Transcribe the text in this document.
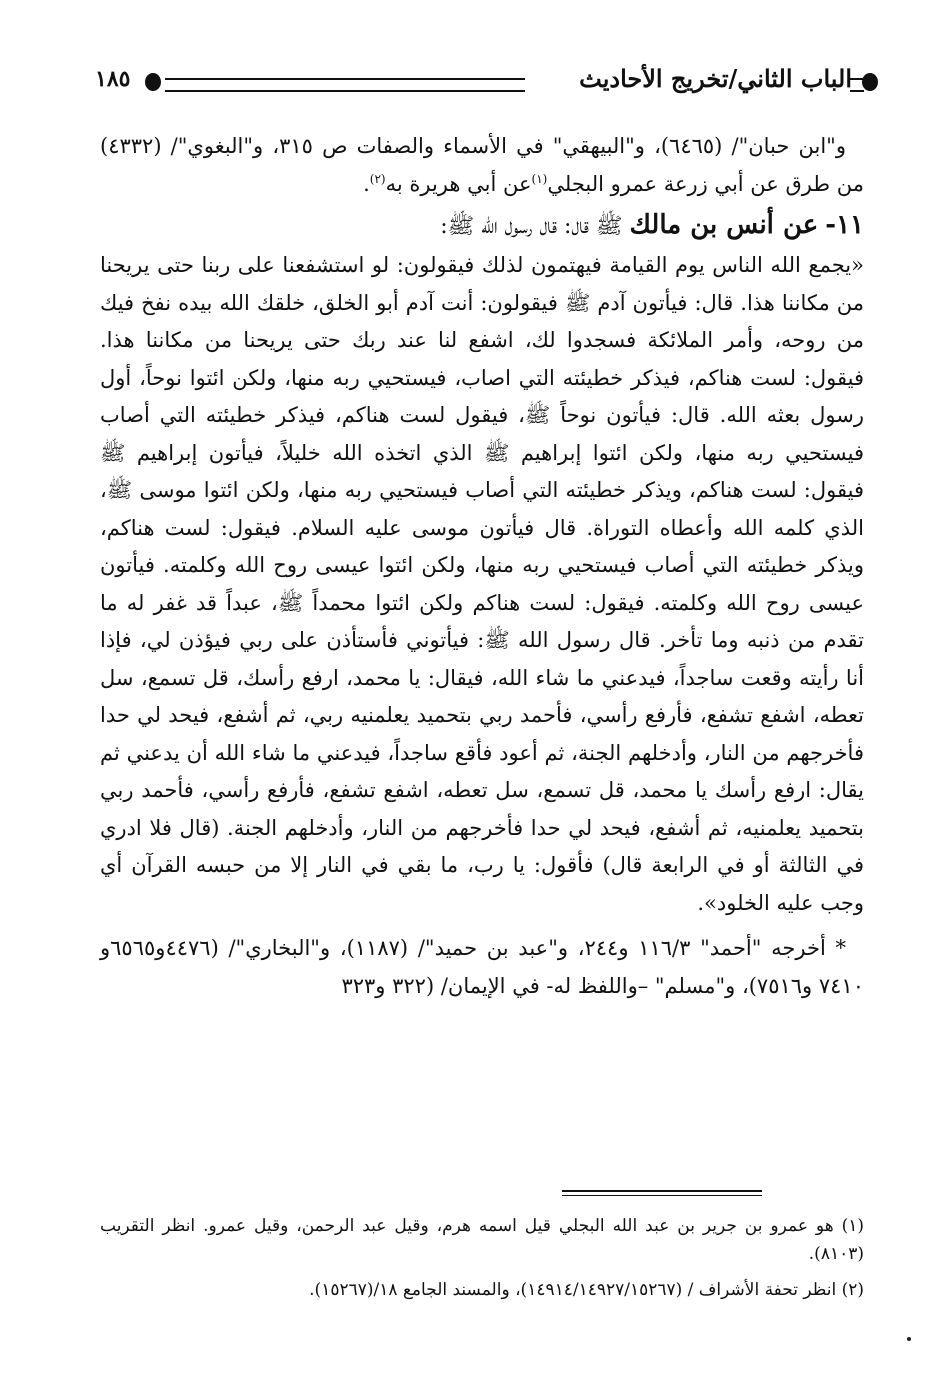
الباب الثاني/تخريج الأحاديث
١٨٥

و"ابن حبان"/ (٦٤٦٥)، و"البيهقي" في الأسماء والصفات ص ٣١٥، و"البغوي"/ (٤٣٣٢) من طرق عن أبي زرعة عمرو البجلي$^{(١)}$عن أبي هريرة به$^{(٢)}$.

١١- عن أنس بن مالك ﷺ قال: قال رسول الله ﷺ:

«يجمع الله الناس يوم القيامة فيهتمون لذلك فيقولون: لو استشفعنا على ربنا حتى يريحنا من مكاننا هذا. قال: فيأتون آدم ﷺ فيقولون: أنت آدم أبو الخلق، خلقك الله بيده نفخ فيك من روحه، وأمر الملائكة فسجدوا لك، اشفع لنا عند ربك حتى يريحنا من مكاننا هذا. فيقول: لست هناكم، فيذكر خطيئته التي اصاب، فيستحيي ربه منها، ولكن ائتوا نوحاً، أول رسول بعثه الله. قال: فيأتون نوحاً ﷺ، فيقول لست هناكم، فيذكر خطيئته التي أصاب فيستحيي ربه منها، ولكن ائتوا إبراهيم ﷺ الذي اتخذه الله خليلاً، فيأتون إبراهيم ﷺ فيقول: لست هناكم، ويذكر خطيئته التي أصاب فيستحيي ربه منها، ولكن ائتوا موسى ﷺ، الذي كلمه الله وأعطاه التوراة. قال فيأتون موسى عليه السلام. فيقول: لست هناكم، ويذكر خطيئته التي أصاب فيستحيي ربه منها، ولكن ائتوا عيسى روح الله وكلمته. فيأتون عيسى روح الله وكلمته. فيقول: لست هناكم ولكن ائتوا محمداً ﷺ، عبداً قد غفر له ما تقدم من ذنبه وما تأخر. قال رسول الله ﷺ: فيأتوني فأستأذن على ربي فيؤذن لي، فإذا أنا رأيته وقعت ساجداً، فيدعني ما شاء الله، فيقال: يا محمد، ارفع رأسك، قل تسمع، سل تعطه، اشفع تشفع، فأرفع رأسي، فأحمد ربي بتحميد يعلمنيه ربي، ثم أشفع، فيحد لي حدا فأخرجهم من النار، وأدخلهم الجنة، ثم أعود فأقع ساجداً، فيدعني ما شاء الله أن يدعني ثم يقال: ارفع رأسك يا محمد، قل تسمع، سل تعطه، اشفع تشفع، فأرفع رأسي، فأحمد ربي بتحميد يعلمنيه، ثم أشفع، فيحد لي حدا فأخرجهم من النار، وأدخلهم الجنة. (قال فلا ادري في الثالثة أو في الرابعة قال) فأقول: يا رب، ما بقي في النار إلا من حبسه القرآن أي وجب عليه الخلود».

* أخرجه "أحمد" ١١٦/٣ و٢٤٤، و"عبد بن حميد"/ (١١٨٧)، و"البخاري"/ (٤٤٧٦و٦٥٦٥و ٧٤١٠ و٧٥١٦)، و"مسلم" –واللفظ له- في الإيمان/ (٣٢٢ و٣٢٣

(١) هو عمرو بن جرير بن عبد الله البجلي قيل اسمه هرم، وقيل عبد الرحمن، وقيل عمرو. انظر التقريب (٨١٠٣).

(٢) انظر تحفة الأشراف / (١٤٩١٤/١٤٩٢٧/١٥٢٦٧)، والمسند الجامع ١٨/(١٥٢٦٧).
